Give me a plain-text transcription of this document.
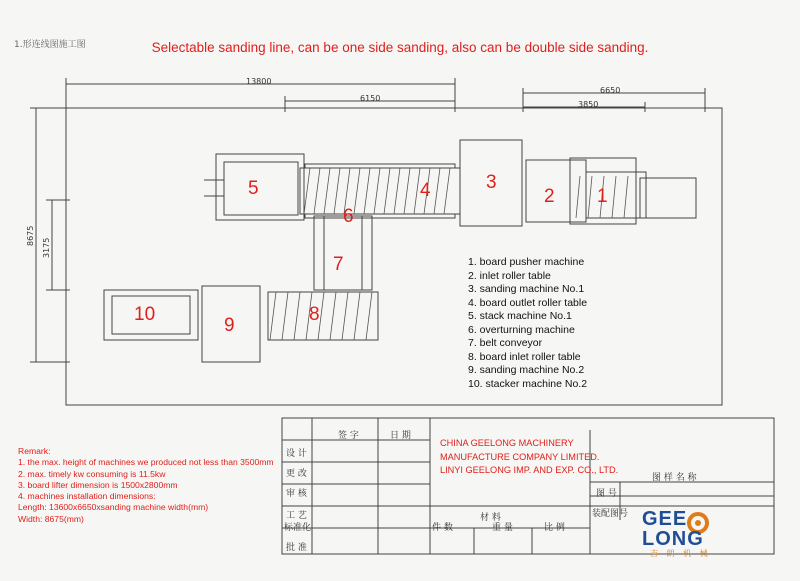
1.形连线图施工图	Selectable sanding line, can be one side sanding, also can be double side sanding.
13800
6150
6650
3850
8675
3175
1
2
3
4
5
6
7
8
9
10
1. board pusher machine
2. inlet roller table
3. sanding machine No.1
4. board outlet roller table
5. stack machine No.1
6. overturning machine
7. belt conveyor
8. board inlet roller table
9. sanding machine No.2
10. stacker machine No.2
Remark:
1. the max. height of machines we produced not less than 3500mm
2. max. timely kw consuming is 11.5kw
3. board lifter dimension is 1500x2800mm
4. machines installation dimensions:
Length: 13600x6650xsanding machine width(mm)
Width: 8675(mm)
签 字	日 期
设 计
更 改
审 核
工 艺
标准化
批 准
CHINA GEELONG MACHINERY
MANUFACTURE COMPANY LIMITED.
LINYI GEELONG IMP. AND EXP. CO., LTD.
图 样 名 称
图 号
装配图号
材 料
件 数	重 量	比 例	GEE
LONG
吉 朗 机 械
